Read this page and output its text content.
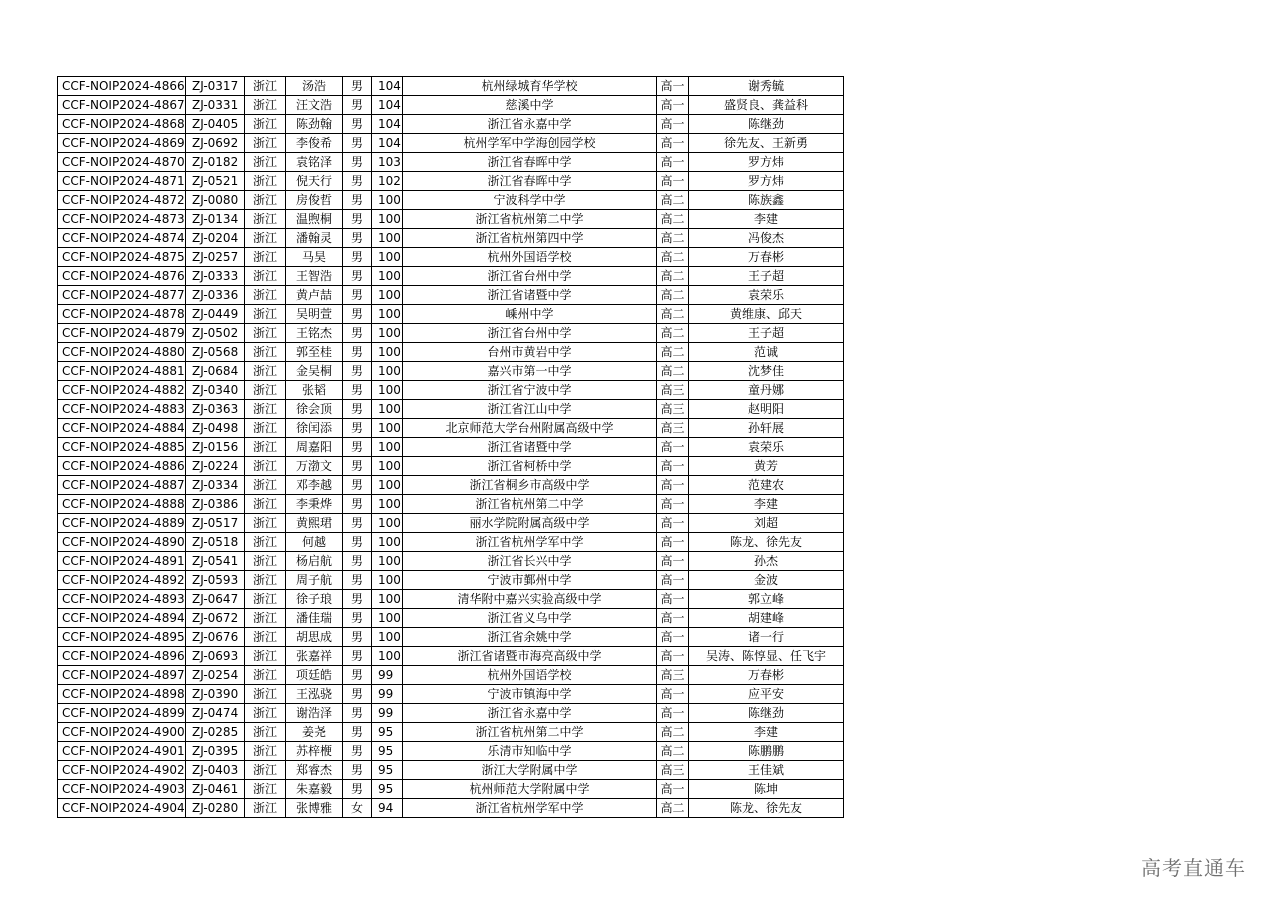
CCF-NOIP2024-4866	ZJ-0317	浙江	汤浩	男	104	杭州绿城育华学校	高一	谢秀毓
CCF-NOIP2024-4867	ZJ-0331	浙江	汪文浩	男	104	慈溪中学	高一	盛贤良、龚益科
CCF-NOIP2024-4868	ZJ-0405	浙江	陈劲翰	男	104	浙江省永嘉中学	高一	陈继劲
CCF-NOIP2024-4869	ZJ-0692	浙江	李俊希	男	104	杭州学军中学海创园学校	高一	徐先友、王新勇
CCF-NOIP2024-4870	ZJ-0182	浙江	袁铭泽	男	103	浙江省春晖中学	高一	罗方炜
CCF-NOIP2024-4871	ZJ-0521	浙江	倪天行	男	102	浙江省春晖中学	高一	罗方炜
CCF-NOIP2024-4872	ZJ-0080	浙江	房俊哲	男	100	宁波科学中学	高二	陈族鑫
CCF-NOIP2024-4873	ZJ-0134	浙江	温煦桐	男	100	浙江省杭州第二中学	高二	李建
CCF-NOIP2024-4874	ZJ-0204	浙江	潘翰灵	男	100	浙江省杭州第四中学	高二	冯俊杰
CCF-NOIP2024-4875	ZJ-0257	浙江	马昊	男	100	杭州外国语学校	高二	万春彬
CCF-NOIP2024-4876	ZJ-0333	浙江	王智浩	男	100	浙江省台州中学	高二	王子超
CCF-NOIP2024-4877	ZJ-0336	浙江	黄卢喆	男	100	浙江省诸暨中学	高二	袁荣乐
CCF-NOIP2024-4878	ZJ-0449	浙江	吴明萱	男	100	嵊州中学	高二	黄维康、邱天
CCF-NOIP2024-4879	ZJ-0502	浙江	王铭杰	男	100	浙江省台州中学	高二	王子超
CCF-NOIP2024-4880	ZJ-0568	浙江	郭至桂	男	100	台州市黄岩中学	高二	范诚
CCF-NOIP2024-4881	ZJ-0684	浙江	金吴桐	男	100	嘉兴市第一中学	高二	沈梦佳
CCF-NOIP2024-4882	ZJ-0340	浙江	张韬	男	100	浙江省宁波中学	高三	童丹娜
CCF-NOIP2024-4883	ZJ-0363	浙江	徐会顶	男	100	浙江省江山中学	高三	赵明阳
CCF-NOIP2024-4884	ZJ-0498	浙江	徐闰添	男	100	北京师范大学台州附属高级中学	高三	孙轩展
CCF-NOIP2024-4885	ZJ-0156	浙江	周嘉阳	男	100	浙江省诸暨中学	高一	袁荣乐
CCF-NOIP2024-4886	ZJ-0224	浙江	万渤文	男	100	浙江省柯桥中学	高一	黄芳
CCF-NOIP2024-4887	ZJ-0334	浙江	邓李越	男	100	浙江省桐乡市高级中学	高一	范建农
CCF-NOIP2024-4888	ZJ-0386	浙江	李秉烨	男	100	浙江省杭州第二中学	高一	李建
CCF-NOIP2024-4889	ZJ-0517	浙江	黄熙珺	男	100	丽水学院附属高级中学	高一	刘超
CCF-NOIP2024-4890	ZJ-0518	浙江	何越	男	100	浙江省杭州学军中学	高一	陈龙、徐先友
CCF-NOIP2024-4891	ZJ-0541	浙江	杨启航	男	100	浙江省长兴中学	高一	孙杰
CCF-NOIP2024-4892	ZJ-0593	浙江	周子航	男	100	宁波市鄞州中学	高一	金波
CCF-NOIP2024-4893	ZJ-0647	浙江	徐子琅	男	100	清华附中嘉兴实验高级中学	高一	郭立峰
CCF-NOIP2024-4894	ZJ-0672	浙江	潘佳瑞	男	100	浙江省义乌中学	高一	胡建峰
CCF-NOIP2024-4895	ZJ-0676	浙江	胡思成	男	100	浙江省余姚中学	高一	诸一行
CCF-NOIP2024-4896	ZJ-0693	浙江	张嘉祥	男	100	浙江省诸暨市海亮高级中学	高一	吴涛、陈惇显、任飞宇
CCF-NOIP2024-4897	ZJ-0254	浙江	项廷皓	男	99	杭州外国语学校	高三	万春彬
CCF-NOIP2024-4898	ZJ-0390	浙江	王泓骁	男	99	宁波市镇海中学	高一	应平安
CCF-NOIP2024-4899	ZJ-0474	浙江	谢浩泽	男	99	浙江省永嘉中学	高一	陈继劲
CCF-NOIP2024-4900	ZJ-0285	浙江	姜尧	男	95	浙江省杭州第二中学	高二	李建
CCF-NOIP2024-4901	ZJ-0395	浙江	苏梓楩	男	95	乐清市知临中学	高二	陈鹏鹏
CCF-NOIP2024-4902	ZJ-0403	浙江	郑睿杰	男	95	浙江大学附属中学	高三	王佳斌
CCF-NOIP2024-4903	ZJ-0461	浙江	朱嘉毅	男	95	杭州师范大学附属中学	高一	陈坤
CCF-NOIP2024-4904	ZJ-0280	浙江	张博雅	女	94	浙江省杭州学军中学	高二	陈龙、徐先友
高考直通车
